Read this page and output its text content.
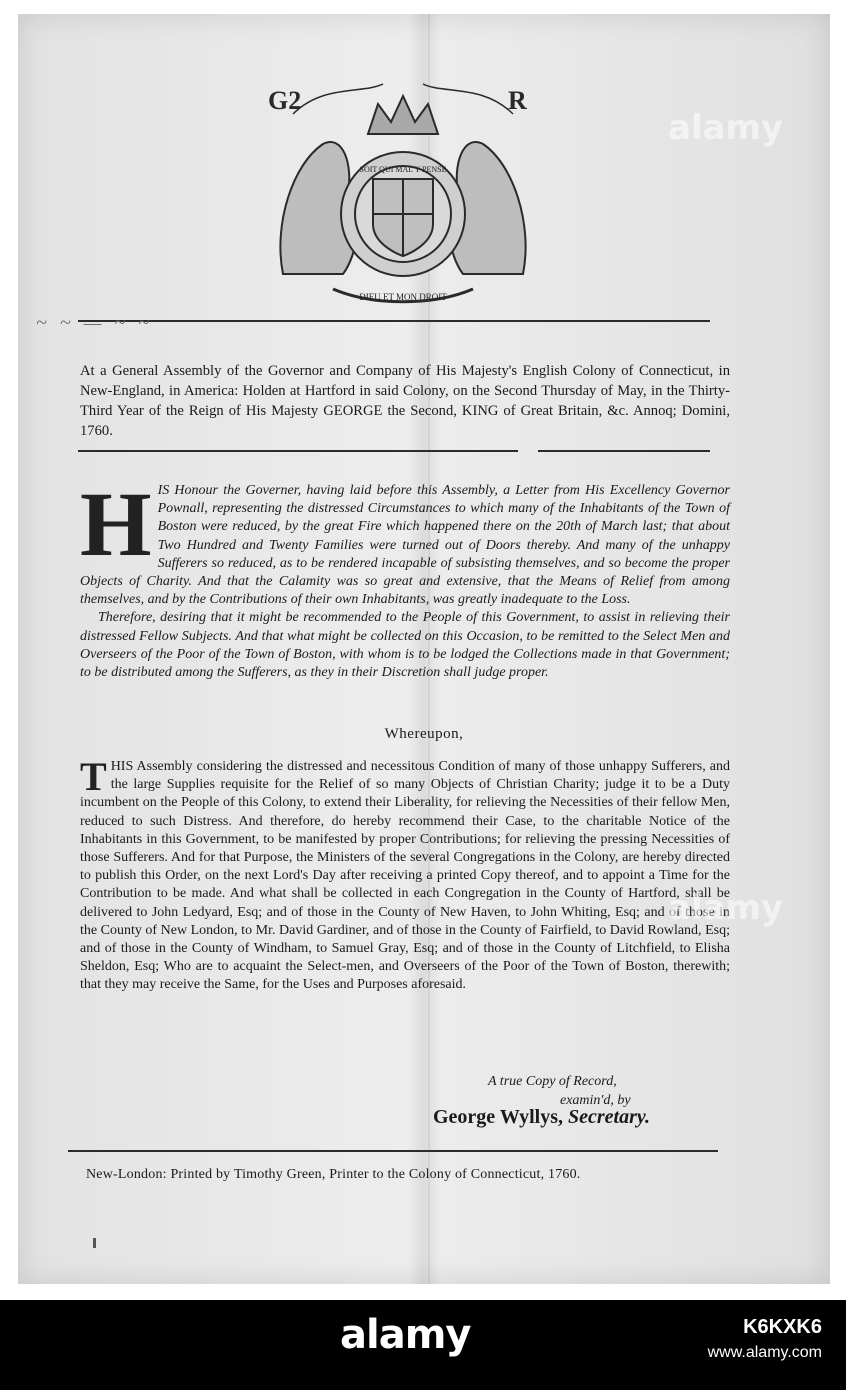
G2	R
SOIT QUI MAL Y PENSE
DIEU ET MON DROIT
~ ~ — ~ ~

At a General Assembly of the Governor and Company of His Majesty's English Colony of Connecticut, in New-England, in America: Holden at Hartford in said Colony, on the Second Thursday of May, in the Thirty-Third Year of the Reign of His Majesty GEORGE the Second, KING of Great Britain, &c. Annoq; Domini, 1760.

H IS Honour the Governer, having laid before this Assembly, a Letter from His Excellency Governor Pownall, representing the distressed Circumstances to which many of the Inhabitants of the Town of Boston were reduced, by the great Fire which happened there on the 20th of March last; that about Two Hundred and Twenty Families were turned out of Doors thereby. And many of the unhappy Sufferers so reduced, as to be rendered incapable of subsisting themselves, and so become the proper Objects of Charity. And that the Calamity was so great and extensive, that the Means of Relief from among themselves, and by the Contributions of their own Inhabitants, was greatly inadequate to the Loss.

Therefore, desiring that it might be recommended to the People of this Government, to assist in relieving their distressed Fellow Subjects. And that what might be collected on this Occasion, to be remitted to the Select Men and Overseers of the Poor of the Town of Boston, with whom is to be lodged the Collections made in that Government; to be distributed among the Sufferers, as they in their Discretion shall judge proper.

Whereupon,
T HIS Assembly considering the distressed and necessitous Condition of many of those unhappy Sufferers, and the large Supplies requisite for the Relief of so many Objects of Christian Charity; judge it to be a Duty incumbent on the People of this Colony, to extend their Liberality, for relieving the Necessities of their fellow Men, reduced to such Distress. And therefore, do hereby recommend their Case, to the charitable Notice of the Inhabitants in this Government, to be manifested by proper Contributions; for relieving the pressing Necessities of those Sufferers. And for that Purpose, the Ministers of the several Congregations in the Colony, are hereby directed to publish this Order, on the next Lord's Day after receiving a printed Copy thereof, and to appoint a Time for the Contribution to be made. And what shall be collected in each Congregation in the County of Hartford, shall be delivered to John Ledyard, Esq; and of those in the County of New Haven, to John Whiting, Esq; and of those in the County of New London, to Mr. David Gardiner, and of those in the County of Fairfield, to David Rowland, Esq; and of those in the County of Windham, to Samuel Gray, Esq; and of those in the County of Litchfield, to Elisha Sheldon, Esq; Who are to acquaint the Select-men, and Overseers of the Poor of the Town of Boston, therewith; that they may receive the Same, for the Uses and Purposes aforesaid.

A true Copy of Record,
examin'd, by
George Wyllys, Secretary.
New-London: Printed by Timothy Green, Printer to the Colony of Connecticut, 1760.
alamy
alamy
alamy	K6KXK6
www.alamy.com
